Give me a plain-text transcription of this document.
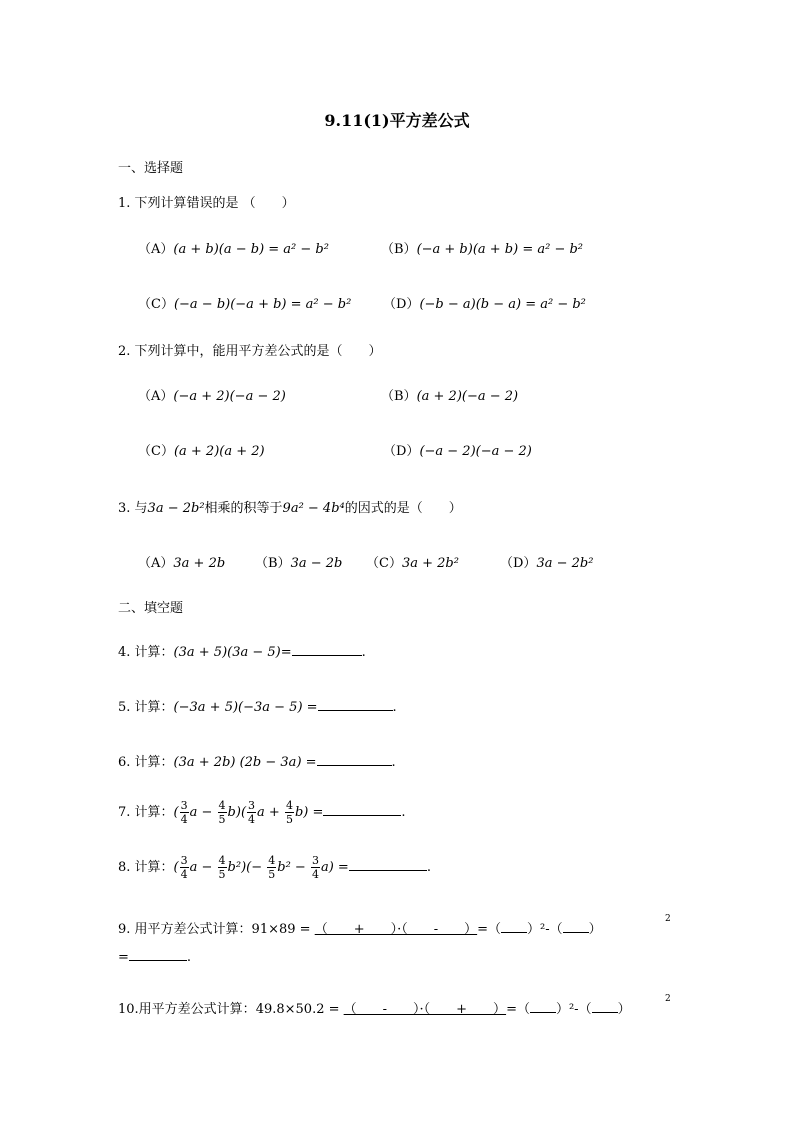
9.11(1)平方差公式
一、选择题
1. 下列计算错误的是 （　　）
（A）(a + b)(a − b) = a² − b²	（B）(−a + b)(a + b) = a² − b²
（C）(−a − b)(−a + b) = a² − b² （D）(−b − a)(b − a) = a² − b²
2. 下列计算中，能用平方差公式的是（　　）
（A）(−a + 2)(−a − 2)	（B）(a + 2)(−a − 2)
（C）(a + 2)(a + 2)	（D）(−a − 2)(−a − 2)
3. 与3a − 2b²相乘的积等于9a² − 4b⁴的因式的是（　　）
（A）3a + 2b （B）3a − 2b （C）3a + 2b²	（D）3a − 2b²
二、填空题
4. 计算：(3a + 5)(3a − 5)=	.
5. 计算：(−3a + 5)(−3a − 5) =	.
6. 计算：(3a + 2b) (2b − 3a) =	.
7. 计算：( $\frac{3}{4}$ $a - \frac{4}{5} b)( \frac{3}{4}$ $a + \frac{4}{5} b$) =	.
8. 计算：( $\frac{3}{4}$ $a - \frac{4}{5} b^2)(- \frac{4}{5} b^2 - \frac{3}{4} a)$ =	.
9. 用平方差公式计算：91×89 = （　　+　　）·（　　-　　）=（ ）²-（ ）
2
=	.
10.用平方差公式计算：49.8×50.2 = （　　-　　）·（　　+　　）=（ ）²-（ ）
2
